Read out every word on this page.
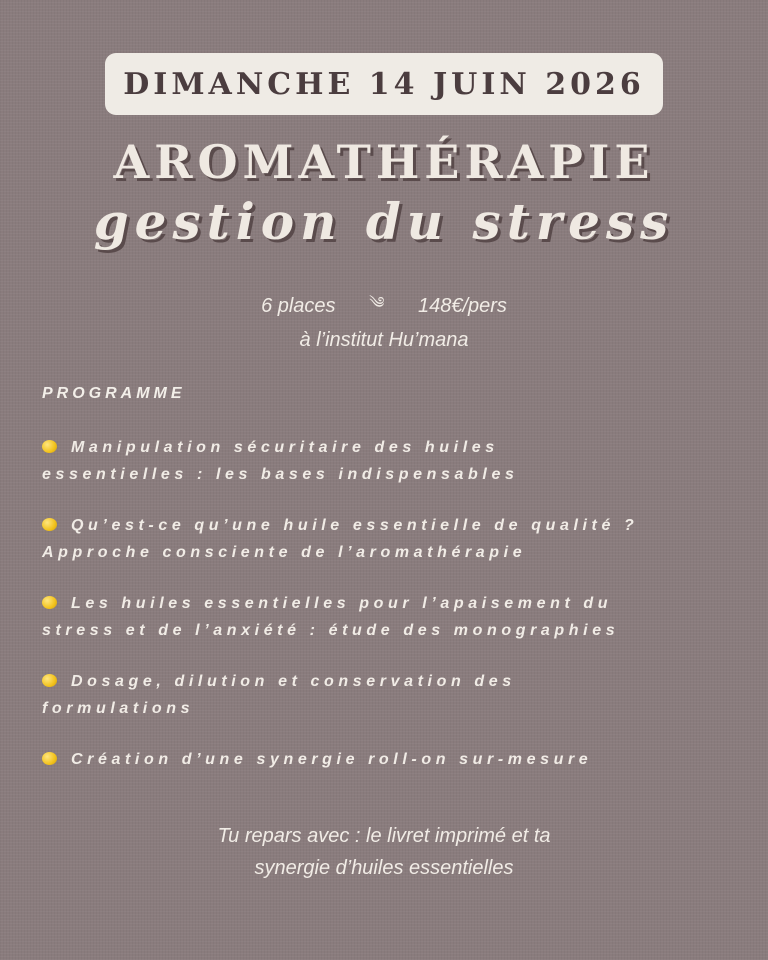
DIMANCHE 14 JUIN 2026
AROMATHÉRAPIE
gestion du stress
6 places ༄ 148€/pers
à l’institut Hu’mana
PROGRAMME
Manipulation sécuritaire des huiles
essentielles : les bases indispensables
Qu’est-ce qu’une huile essentielle de qualité ?
Approche consciente de l’aromathérapie
Les huiles essentielles pour l’apaisement du
stress et de l’anxiété : étude des monographies
Dosage, dilution et conservation des
formulations
Création d’une synergie roll-on sur-mesure
Tu repars avec : le livret imprimé et ta
synergie d’huiles essentielles
